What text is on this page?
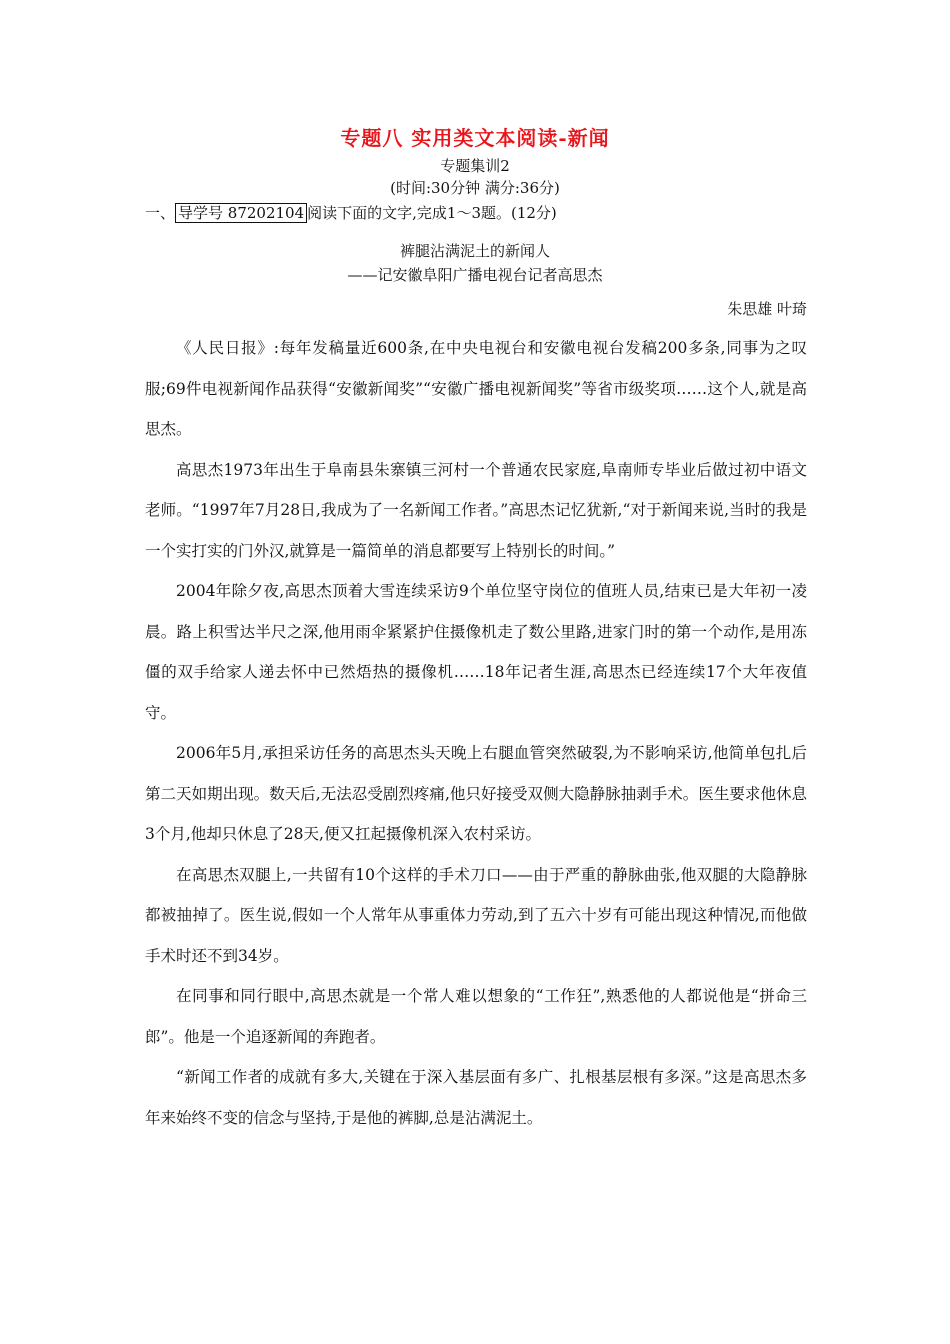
专题八 实用类文本阅读-新闻
专题集训2
(时间:30分钟 满分:36分)
一、 导学号 87202104 阅读下面的文字,完成1～3题。(12分)
裤腿沾满泥土的新闻人
——记安徽阜阳广播电视台记者高思杰
朱思雄 叶琦

《人民日报》:每年发稿量近600条,在中央电视台和安徽电视台发稿200多条,同事为之叹服;69件电视新闻作品获得“安徽新闻奖”“安徽广播电视新闻奖”等省市级奖项……这个人,就是高思杰。

高思杰1973年出生于阜南县朱寨镇三河村一个普通农民家庭,阜南师专毕业后做过初中语文老师。“1997年7月28日,我成为了一名新闻工作者。”高思杰记忆犹新,“对于新闻来说,当时的我是一个实打实的门外汉,就算是一篇简单的消息都要写上特别长的时间。”

2004年除夕夜,高思杰顶着大雪连续采访9个单位坚守岗位的值班人员,结束已是大年初一凌晨。路上积雪达半尺之深,他用雨伞紧紧护住摄像机走了数公里路,进家门时的第一个动作,是用冻僵的双手给家人递去怀中已然焐热的摄像机……18年记者生涯,高思杰已经连续17个大年夜值守。

2006年5月,承担采访任务的高思杰头天晚上右腿血管突然破裂,为不影响采访,他简单包扎后第二天如期出现。数天后,无法忍受剧烈疼痛,他只好接受双侧大隐静脉抽剥手术。医生要求他休息3个月,他却只休息了28天,便又扛起摄像机深入农村采访。

在高思杰双腿上,一共留有10个这样的手术刀口——由于严重的静脉曲张,他双腿的大隐静脉都被抽掉了。医生说,假如一个人常年从事重体力劳动,到了五六十岁有可能出现这种情况,而他做手术时还不到34岁。

在同事和同行眼中,高思杰就是一个常人难以想象的“工作狂”,熟悉他的人都说他是“拼命三郎”。他是一个追逐新闻的奔跑者。

“新闻工作者的成就有多大,关键在于深入基层面有多广、扎根基层根有多深。”这是高思杰多年来始终不变的信念与坚持,于是他的裤脚,总是沾满泥土。
